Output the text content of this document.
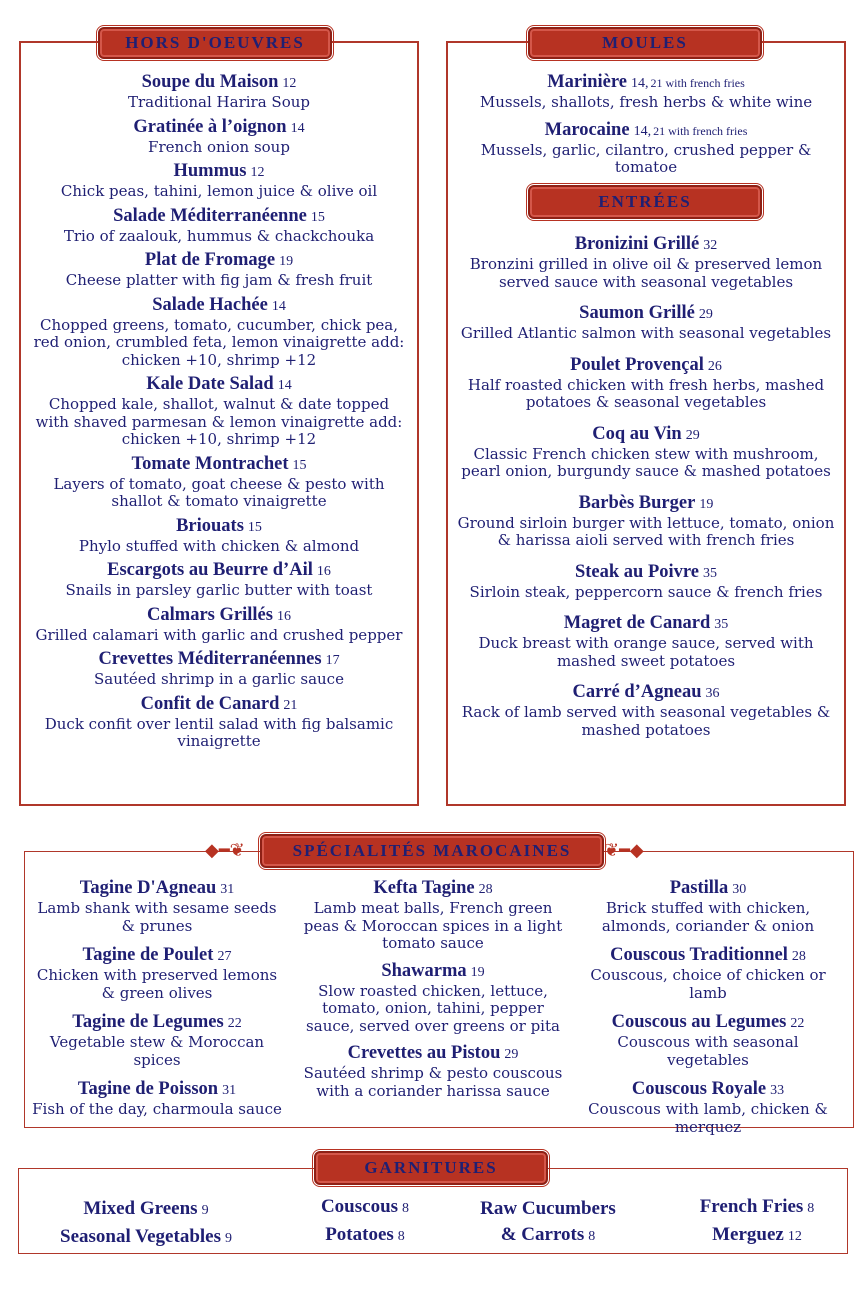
HORS D'OEUVRES
Soupe du Maison 12
Traditional Harira Soup
Gratinée à l’oignon 14
French onion soup
Hummus 12
Chick peas, tahini, lemon juice & olive oil
Salade Méditerranéenne 15
Trio of zaalouk, hummus & chackchouka
Plat de Fromage 19
Cheese platter with fig jam & fresh fruit
Salade Hachée 14
Chopped greens, tomato, cucumber, chick pea, red onion, crumbled feta, lemon vinaigrette add: chicken +10, shrimp +12
Kale Date Salad 14
Chopped kale, shallot, walnut & date topped with shaved parmesan & lemon vinaigrette add: chicken +10, shrimp +12
Tomate Montrachet 15
Layers of tomato, goat cheese & pesto with shallot & tomato vinaigrette
Briouats 15
Phylo stuffed with chicken & almond
Escargots au Beurre d’Ail 16
Snails in parsley garlic butter with toast
Calmars Grillés 16
Grilled calamari with garlic and crushed pepper
Crevettes Méditerranéennes 17
Sautéed shrimp in a garlic sauce
Confit de Canard 21
Duck confit over lentil salad with fig balsamic vinaigrette
MOULES
Marinière 14, 21 with french fries
Mussels, shallots, fresh herbs & white wine
Marocaine 14, 21 with french fries
Mussels, garlic, cilantro, crushed pepper & tomatoe
ENTRÉES
Bronizini Grillé 32
Bronzini grilled in olive oil & preserved lemon served sauce with seasonal vegetables
Saumon Grillé 29
Grilled Atlantic salmon with seasonal vegetables
Poulet Provençal 26
Half roasted chicken with fresh herbs, mashed potatoes & seasonal vegetables
Coq au Vin 29
Classic French chicken stew with mushroom, pearl onion, burgundy sauce & mashed potatoes
Barbès Burger 19
Ground sirloin burger with lettuce, tomato, onion & harissa aioli served with french fries
Steak au Poivre 35
Sirloin steak, peppercorn sauce & french fries
Magret de Canard 35
Duck breast with orange sauce, served with mashed sweet potatoes
Carré d’Agneau 36
Rack of lamb served with seasonal vegetables & mashed potatoes
◆━❦	❦━◆
SPÉCIALITÉS MAROCAINES
Tagine D'Agneau 31
Lamb shank with sesame seeds & prunes
Tagine de Poulet 27
Chicken with preserved lemons & green olives
Tagine de Legumes 22
Vegetable stew & Moroccan spices
Tagine de Poisson 31
Fish of the day, charmoula sauce
Kefta Tagine 28
Lamb meat balls, French green peas & Moroccan spices in a light tomato sauce
Shawarma 19
Slow roasted chicken, lettuce, tomato, onion, tahini, pepper sauce, served over greens or pita
Crevettes au Pistou 29
Sautéed shrimp & pesto couscous with a coriander harissa sauce
Pastilla 30
Brick stuffed with chicken, almonds, coriander & onion
Couscous Traditionnel 28
Couscous, choice of chicken or lamb
Couscous au Legumes 22
Couscous with seasonal vegetables
Couscous Royale 33
Couscous with lamb, chicken & merquez
GARNITURES
Mixed Greens 9
Seasonal Vegetables 9
Couscous 8
Potatoes 8
Raw Cucumbers
& Carrots 8
French Fries 8
Merguez 12
